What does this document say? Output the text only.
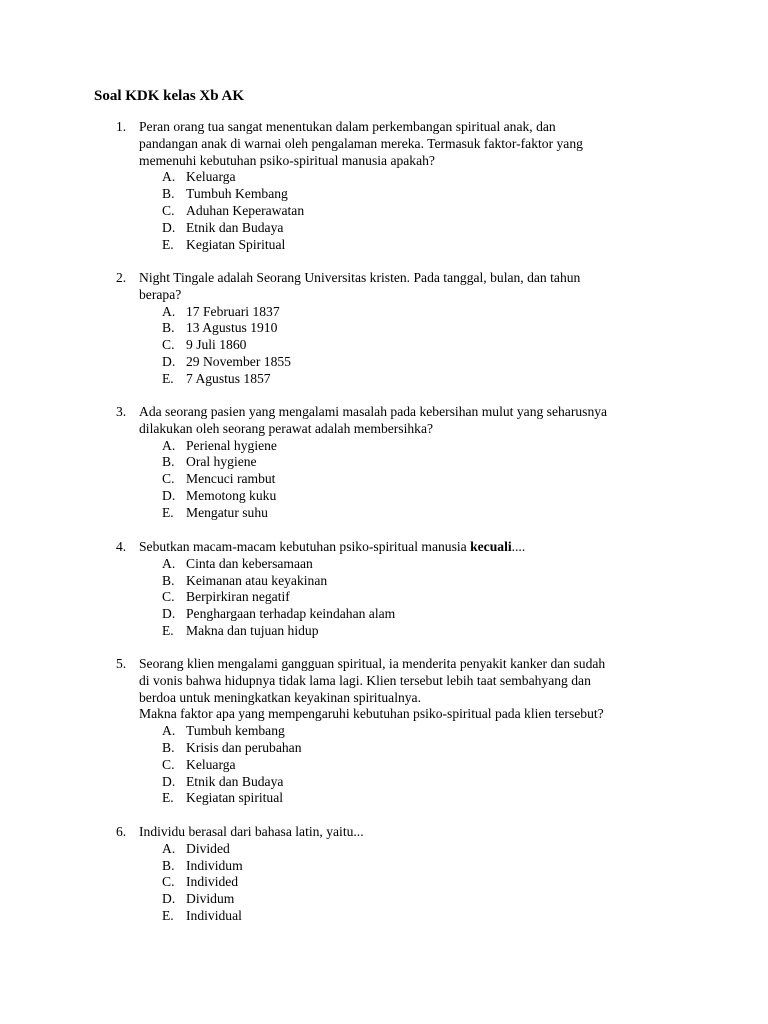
Soal KDK kelas Xb AK
1. Peran orang tua sangat menentukan dalam perkembangan spiritual anak, dan
pandangan anak di warnai oleh pengalaman mereka. Termasuk faktor-faktor yang
memenuhi kebutuhan psiko-spiritual manusia apakah?
A. Keluarga
B. Tumbuh Kembang
C. Aduhan Keperawatan
D. Etnik dan Budaya
E. Kegiatan Spiritual
2. Night Tingale adalah Seorang Universitas kristen. Pada tanggal, bulan, dan tahun
berapa?
A. 17 Februari 1837
B. 13 Agustus 1910
C. 9 Juli 1860
D. 29 November 1855
E. 7 Agustus 1857
3. Ada seorang pasien yang mengalami masalah pada kebersihan mulut yang seharusnya
dilakukan oleh seorang perawat adalah membersihka?
A. Perienal hygiene
B. Oral hygiene
C. Mencuci rambut
D. Memotong kuku
E. Mengatur suhu
4. Sebutkan macam-macam kebutuhan psiko-spiritual manusia kecuali....
A. Cinta dan kebersamaan
B. Keimanan atau keyakinan
C. Berpirkiran negatif
D. Penghargaan terhadap keindahan alam
E. Makna dan tujuan hidup
5. Seorang klien mengalami gangguan spiritual, ia menderita penyakit kanker dan sudah
di vonis bahwa hidupnya tidak lama lagi. Klien tersebut lebih taat sembahyang dan
berdoa untuk meningkatkan keyakinan spiritualnya.
Makna faktor apa yang mempengaruhi kebutuhan psiko-spiritual pada klien tersebut?
A. Tumbuh kembang
B. Krisis dan perubahan
C. Keluarga
D. Etnik dan Budaya
E. Kegiatan spiritual
6. Individu berasal dari bahasa latin, yaitu...
A. Divided
B. Individum
C. Individed
D. Dividum
E. Individual
